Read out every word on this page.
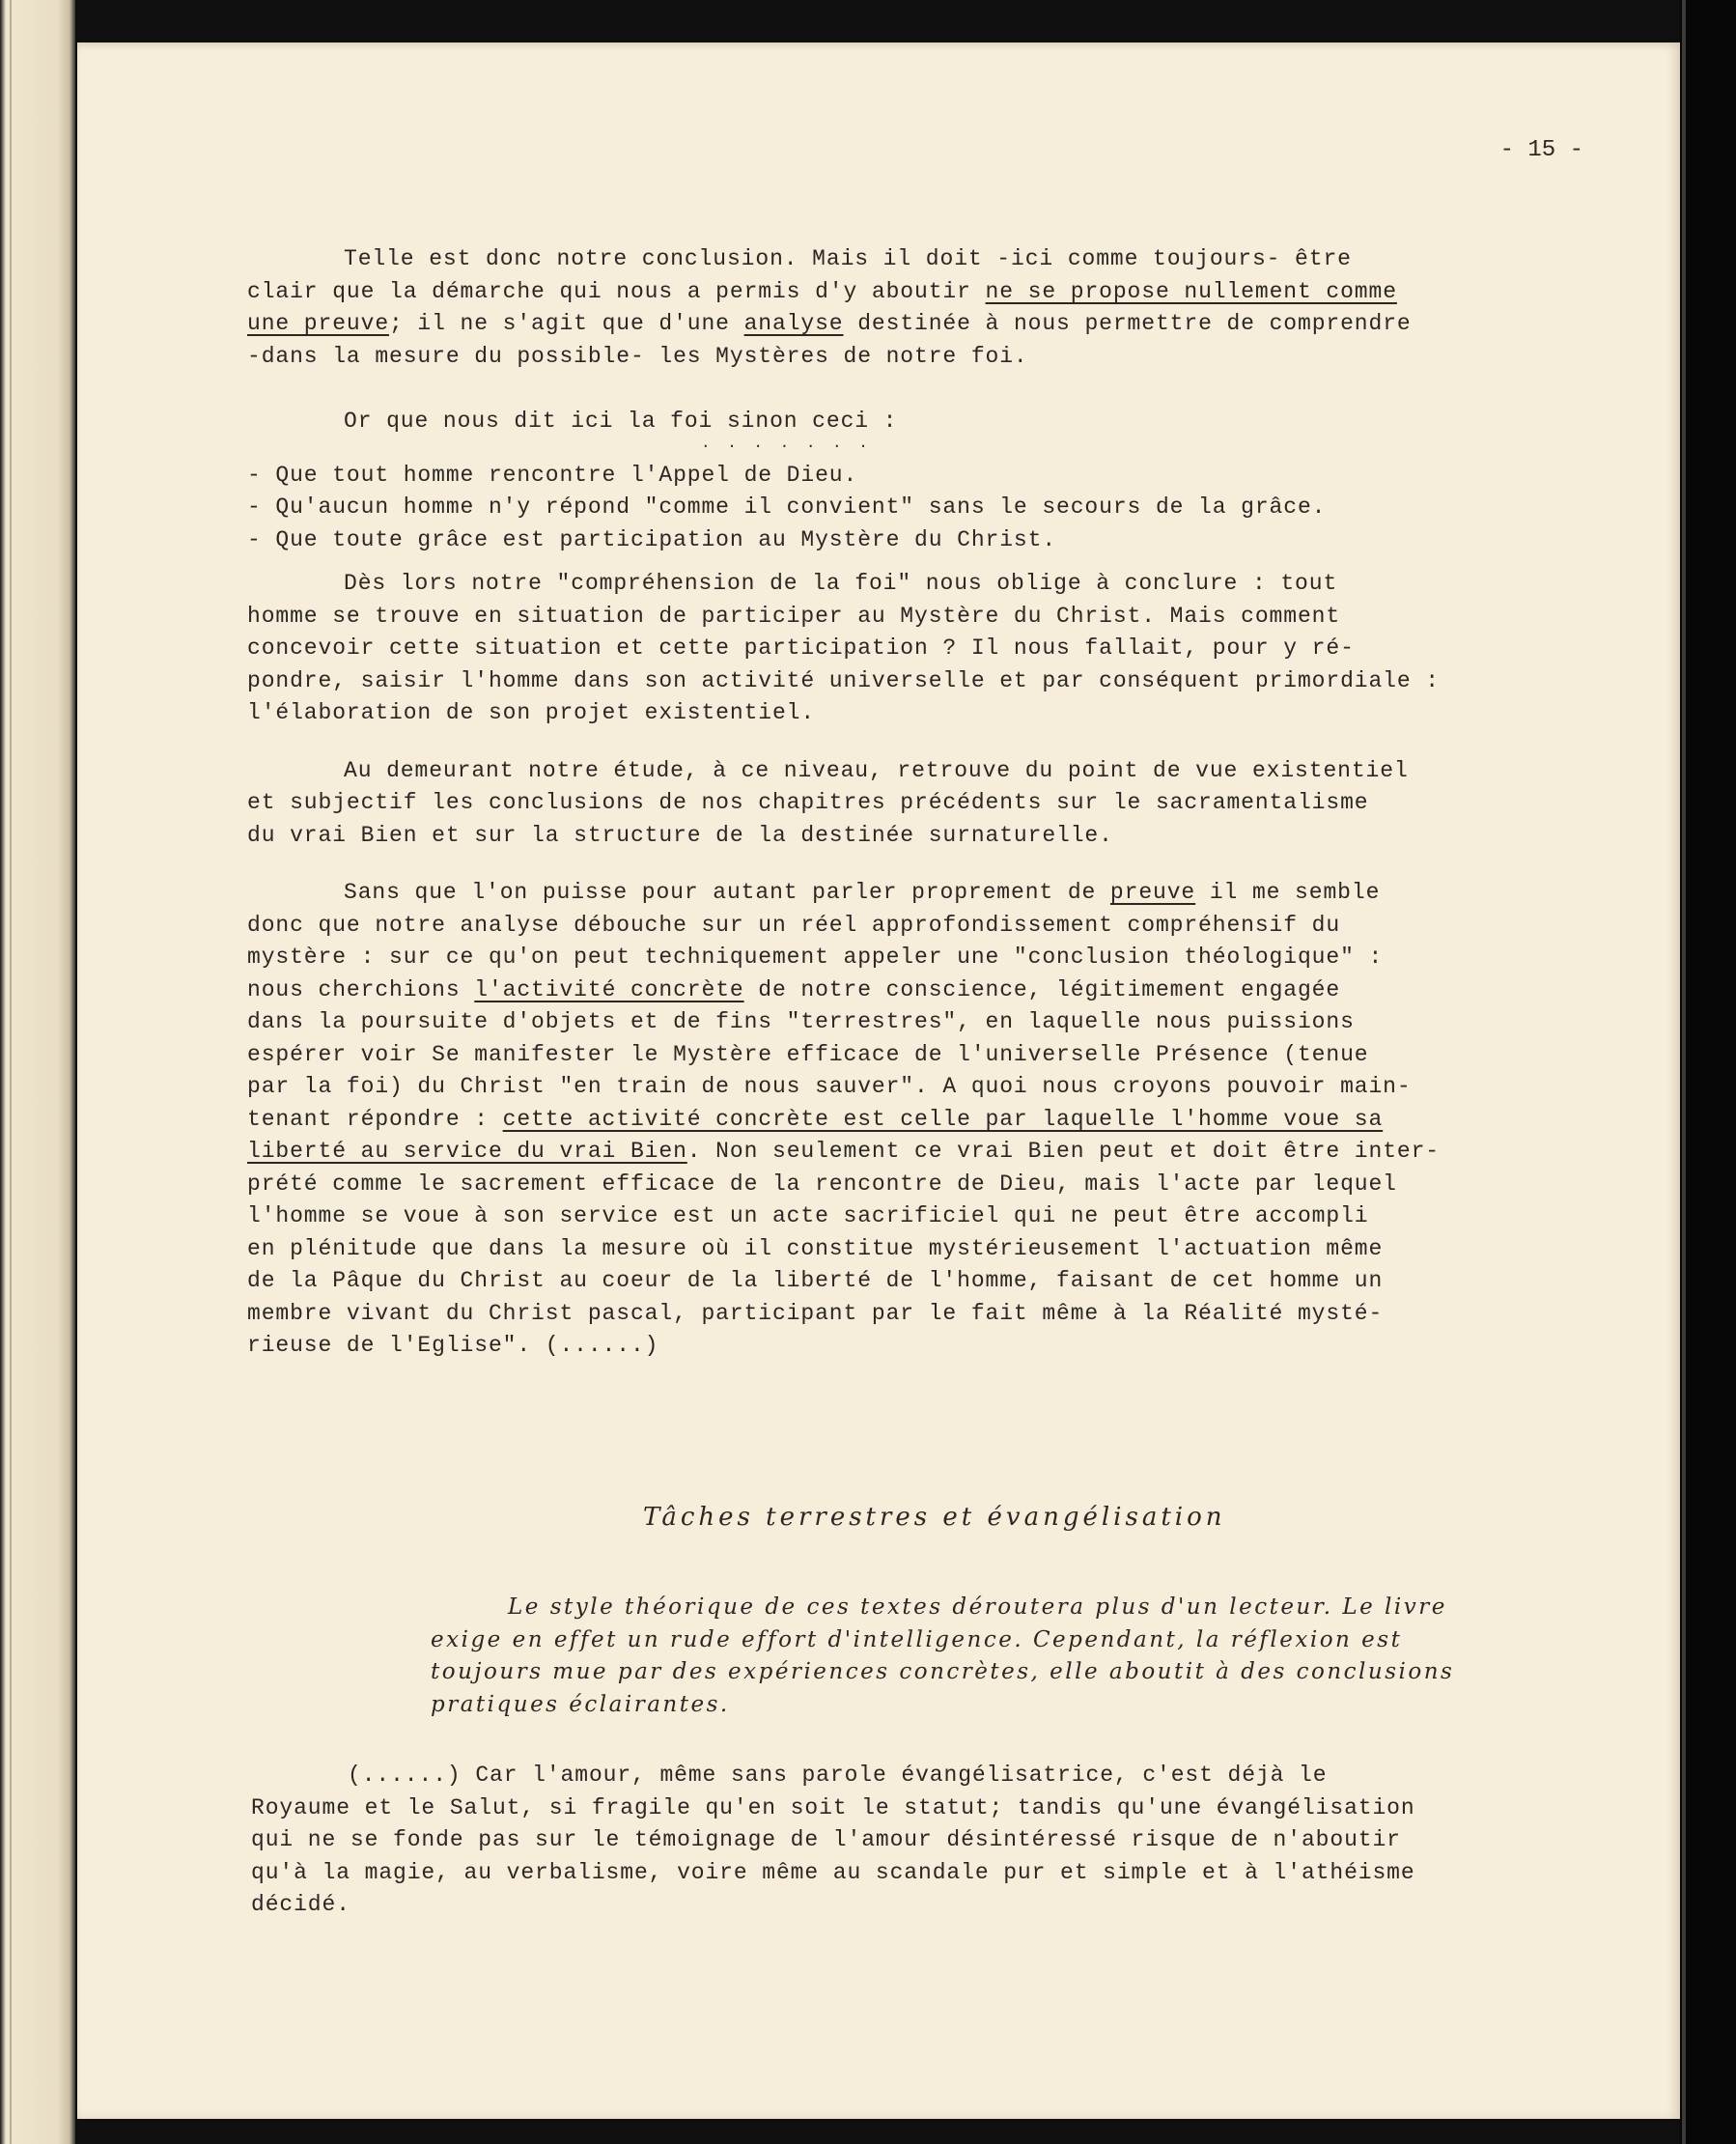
- 15 -

Telle est donc notre conclusion. Mais il doit -ici comme toujours- être
clair que la démarche qui nous a permis d'y aboutir ne se propose nullement comme
une preuve; il ne s'agit que d'une analyse destinée à nous permettre de comprendre
-dans la mesure du possible- les Mystères de notre foi.

Or que nous dit ici la foi sinon ceci :

. . . . . . .
- Que tout homme rencontre l'Appel de Dieu.
- Qu'aucun homme n'y répond "comme il convient" sans le secours de la grâce.
- Que toute grâce est participation au Mystère du Christ.

Dès lors notre "compréhension de la foi" nous oblige à conclure : tout
homme se trouve en situation de participer au Mystère du Christ. Mais comment
concevoir cette situation et cette participation ? Il nous fallait, pour y ré-
pondre, saisir l'homme dans son activité universelle et par conséquent primordiale :
l'élaboration de son projet existentiel.

Au demeurant notre étude, à ce niveau, retrouve du point de vue existentiel
et subjectif les conclusions de nos chapitres précédents sur le sacramentalisme
du vrai Bien et sur la structure de la destinée surnaturelle.

Sans que l'on puisse pour autant parler proprement de preuve il me semble
donc que notre analyse débouche sur un réel approfondissement compréhensif du
mystère : sur ce qu'on peut techniquement appeler une "conclusion théologique" :
nous cherchions l'activité concrète de notre conscience, légitimement engagée
dans la poursuite d'objets et de fins "terrestres", en laquelle nous puissions
espérer voir Se manifester le Mystère efficace de l'universelle Présence (tenue
par la foi) du Christ "en train de nous sauver". A quoi nous croyons pouvoir main-
tenant répondre : cette activité concrète est celle par laquelle l'homme voue sa
liberté au service du vrai Bien. Non seulement ce vrai Bien peut et doit être inter-
prété comme le sacrement efficace de la rencontre de Dieu, mais l'acte par lequel
l'homme se voue à son service est un acte sacrificiel qui ne peut être accompli
en plénitude que dans la mesure où il constitue mystérieusement l'actuation même
de la Pâque du Christ au coeur de la liberté de l'homme, faisant de cet homme un
membre vivant du Christ pascal, participant par le fait même à la Réalité mysté-
rieuse de l'Eglise". (......)

Tâches terrestres et évangélisation
Le style théorique de ces textes déroutera plus d'un lecteur. Le livre
exige en effet un rude effort d'intelligence. Cependant, la réflexion est
toujours mue par des expériences concrètes, elle aboutit à des conclusions
pratiques éclairantes.

(......) Car l'amour, même sans parole évangélisatrice, c'est déjà le
Royaume et le Salut, si fragile qu'en soit le statut; tandis qu'une évangélisation
qui ne se fonde pas sur le témoignage de l'amour désintéressé risque de n'aboutir
qu'à la magie, au verbalisme, voire même au scandale pur et simple et à l'athéisme
décidé.
